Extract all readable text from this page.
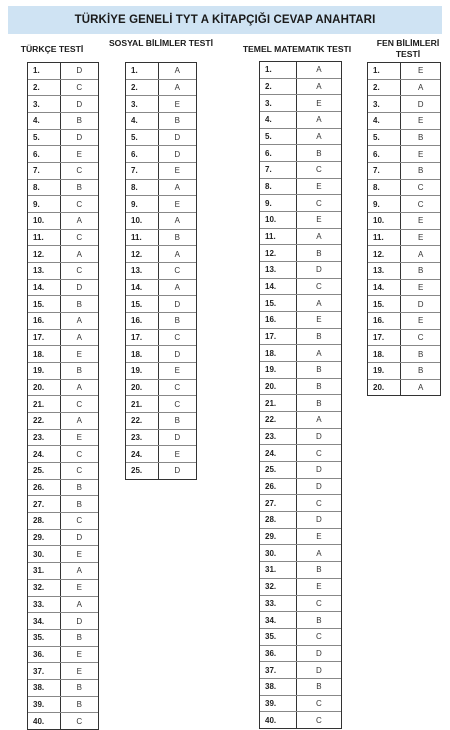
TÜRKİYE GENELİ TYT A KİTAPÇIĞI CEVAP ANAHTARI
TÜRKÇE TESTİ
SOSYAL BİLİMLER TESTİ
TEMEL MATEMATIK TESTI
FEN BİLİMLERİ TESTİ
1.	D
2.	C
3.	D
4.	B
5.	D
6.	E
7.	C
8.	B
9.	C
10.	A
11.	C
12.	A
13.	C
14.	D
15.	B
16.	A
17.	A
18.	E
19.	B
20.	A
21.	C
22.	A
23.	E
24.	C
25.	C
26.	B
27.	B
28.	C
29.	D
30.	E
31.	A
32.	E
33.	A
34.	D
35.	B
36.	E
37.	E
38.	B
39.	B
40.	C
1.	A
2.	A
3.	E
4.	B
5.	D
6.	D
7.	E
8.	A
9.	E
10.	A
11.	B
12.	A
13.	C
14.	A
15.	D
16.	B
17.	C
18.	D
19.	E
20.	C
21.	C
22.	B
23.	D
24.	E
25.	D
1.	A
2.	A
3.	E
4.	A
5.	A
6.	B
7.	C
8.	E
9.	C
10.	E
11.	A
12.	B
13.	D
14.	C
15.	A
16.	E
17.	B
18.	A
19.	B
20.	B
21.	B
22.	A
23.	D
24.	C
25.	D
26.	D
27.	C
28.	D
29.	E
30.	A
31.	B
32.	E
33.	C
34.	B
35.	C
36.	D
37.	D
38.	B
39.	C
40.	C
1.	E
2.	A
3.	D
4.	E
5.	B
6.	E
7.	B
8.	C
9.	C
10.	E
11.	E
12.	A
13.	B
14.	E
15.	D
16.	E
17.	C
18.	B
19.	B
20.	A
